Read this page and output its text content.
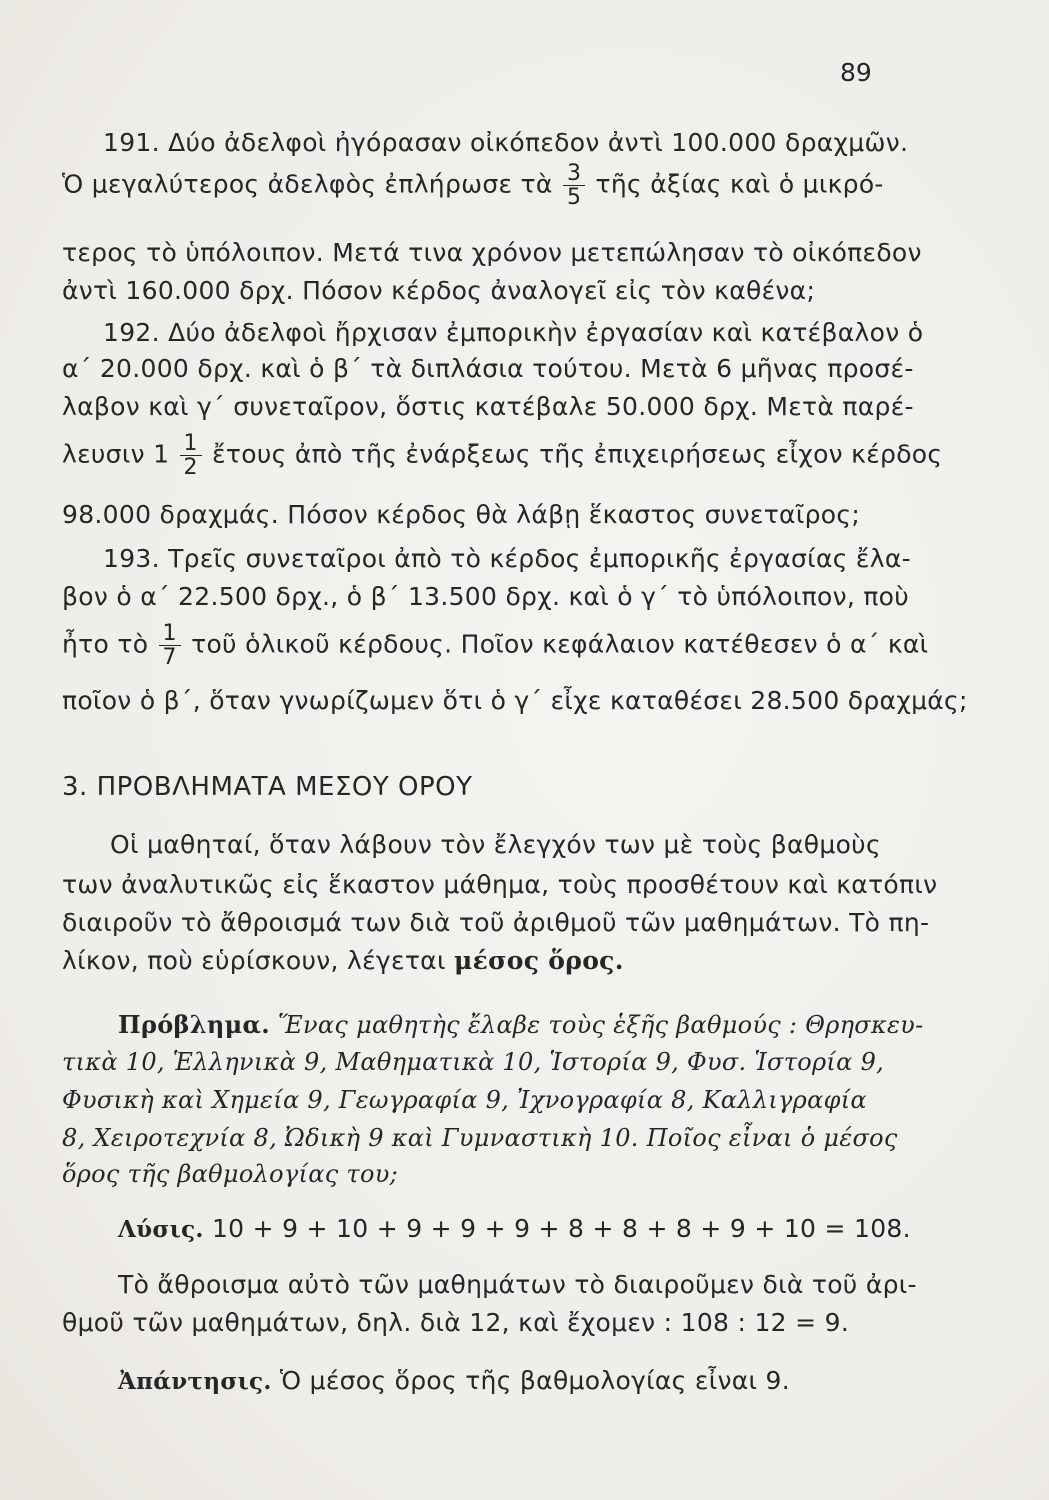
89
191. Δύο ἀδελφοὶ ἠγόρασαν οἰκόπεδον ἀντὶ 100.000 δραχμῶν.
Ὁ μεγαλύτερος ἀδελφὸς ἐπλήρωσε τὰ $\frac{3}{5}$ τῆς ἀξίας καὶ ὁ μικρό-
τερος τὸ ὑπόλοιπον. Μετά τινα χρόνον μετεπώλησαν τὸ οἰκόπεδον
ἀντὶ 160.000 δρχ. Πόσον κέρδος ἀναλογεῖ εἰς τὸν καθένα;
192. Δύο ἀδελφοὶ ἤρχισαν ἐμπορικὴν ἐργασίαν καὶ κατέβαλον ὁ
α΄ 20.000 δρχ. καὶ ὁ β΄ τὰ διπλάσια τούτου. Μετὰ 6 μῆνας προσέ-
λαβον καὶ γ΄ συνεταῖρον, ὅστις κατέβαλε 50.000 δρχ. Μετὰ παρέ-
λευσιν $1 \frac{1}{2}$ ἔτους ἀπὸ τῆς ἐνάρξεως τῆς ἐπιχειρήσεως εἶχον κέρδος
98.000 δραχμάς. Πόσον κέρδος θὰ λάβῃ ἕκαστος συνεταῖρος;
193. Τρεῖς συνεταῖροι ἀπὸ τὸ κέρδος ἐμπορικῆς ἐργασίας ἔλα-
βον ὁ α΄ 22.500 δρχ., ὁ β΄ 13.500 δρχ. καὶ ὁ γ΄ τὸ ὑπόλοιπον, ποὺ
ἦτο τὸ $\frac{1}{7}$ τοῦ ὁλικοῦ κέρδους. Ποῖον κεφάλαιον κατέθεσεν ὁ α΄ καὶ
ποῖον ὁ β΄, ὅταν γνωρίζωμεν ὅτι ὁ γ΄ εἶχε καταθέσει 28.500 δραχμάς;
3. ΠΡΟΒΛΗΜΑΤΑ ΜΕΣΟΥ ΟΡΟΥ
Οἱ μαθηταί, ὅταν λάβουν τὸν ἔλεγχόν των μὲ τοὺς βαθμοὺς
των ἀναλυτικῶς εἰς ἕκαστον μάθημα, τοὺς προσθέτουν καὶ κατόπιν
διαιροῦν τὸ ἄθροισμά των διὰ τοῦ ἀριθμοῦ τῶν μαθημάτων. Τὸ πη-
λίκον, ποὺ εὑρίσκουν, λέγεται μέσος ὅρος.
Πρόβλημα. Ἕνας μαθητὴς ἔλαβε τοὺς ἑξῆς βαθμούς : Θρησκευ-
τικὰ 10, Ἑλληνικὰ 9, Μαθηματικὰ 10, Ἱστορία 9, Φυσ. Ἱστορία 9,
Φυσικὴ καὶ Χημεία 9, Γεωγραφία 9, Ἰχνογραφία 8, Καλλιγραφία
8, Χειροτεχνία 8, Ὠδικὴ 9 καὶ Γυμναστικὴ 10. Ποῖος εἶναι ὁ μέσος
ὅρος τῆς βαθμολογίας του;
Λύσις. 10 + 9 + 10 + 9 + 9 + 9 + 8 + 8 + 8 + 9 + 10 = 108.
Τὸ ἄθροισμα αὐτὸ τῶν μαθημάτων τὸ διαιροῦμεν διὰ τοῦ ἀρι-
θμοῦ τῶν μαθημάτων, δηλ. διὰ 12, καὶ ἔχομεν : 108 : 12 = 9.
Ἀπάντησις. Ὁ μέσος ὅρος τῆς βαθμολογίας εἶναι 9.
